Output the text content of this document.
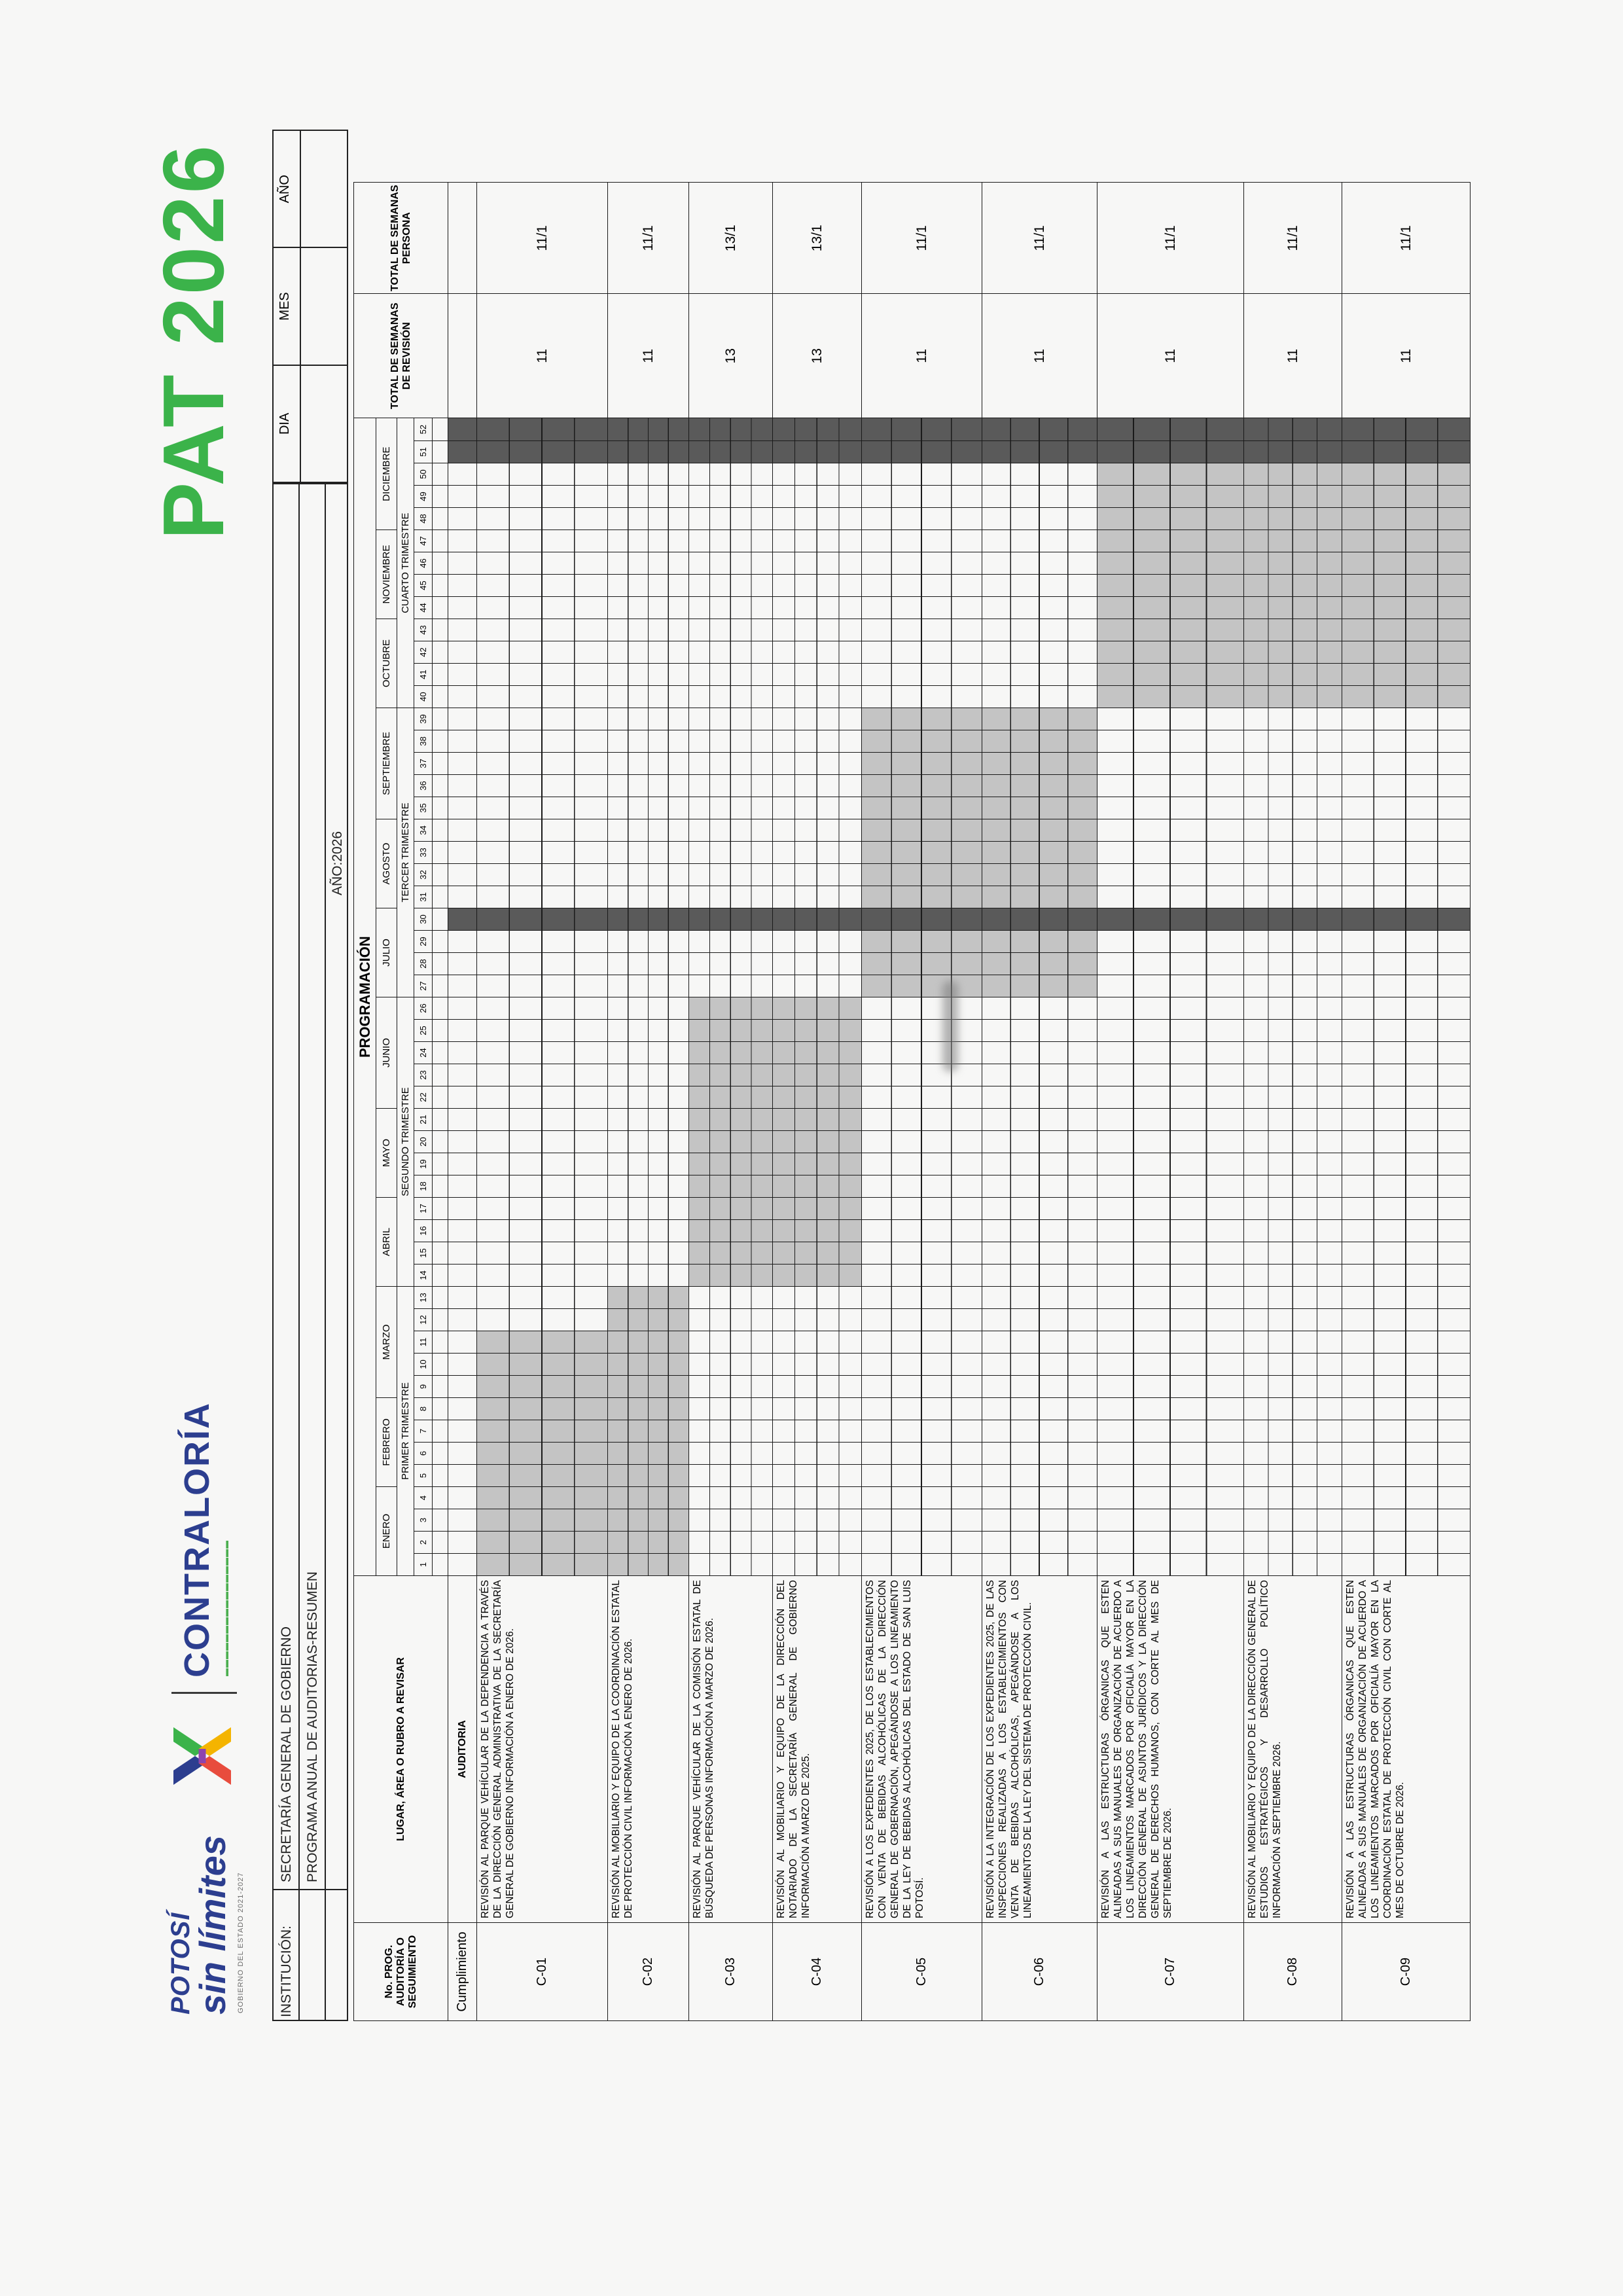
POTOSÍ
sin límites GOBIERNO DEL ESTADO 2021-2027
CONTRALORÍA ▬▬▬▬▬▬▬▬▬▬▬▬▬▬▬▬
PAT 2026
INSTITUCIÓN:
SECRETARÍA GENERAL DE GOBIERNO PROGRAMA ANUAL DE AUDITORIAS-RESUMEN
AÑO:2026
DIA
MES
AÑO
No. PROG. AUDITORÍA O SEGUIMIENTO	LUGAR, ÁREA O RUBRO A REVISAR	PROGRAMACIÓN																																																				TOTAL DE SEMANAS DE REVISIÓN	TOTAL DE SEMANAS PERSONA
		ENERO				FEBRERO				MARZO					ABRIL				MAYO				JUNIO					JULIO				AGOSTO				SEPTIEMBRE					OCTUBRE				NOVIEMBRE				DICIEMBRE						
		PRIMER TRIMESTRE													SEGUNDO TRIMESTRE													TERCER TRIMESTRE													CUARTO TRIMESTRE														
		1	2	3	4	5	6	7	8	9	10	11	12	13	14	15	16	17	18	19	20	21	22	23	24	25	26	27	28	29	30	31	32	33	34	35	36	37	38	39	40	41	42	43	44	45	46	47	48	49	50	51	52		

Cumplimiento	AUDITORIA																																																						
C-01	REVISIÓN AL PARQUE VEHÍCULAR DE LA DEPENDENCIA A TRAVÉS DE LA DIRECCIÓN GENERAL ADMINISTRATIVA DE LA SECRETARÍA GENERAL DE GOBIERNO INFORMACIÓN A ENERO DE 2026.																																																					11	11/1
C-02	REVISIÓN AL MOBILIARIO Y EQUIPO DE LA COORDINACIÓN ESTATAL DE PROTECCIÓN CIVIL INFORMACIÓN A ENERO DE 2026.																																																					11	11/1
C-03	REVISIÓN AL PARQUE VEHÍCULAR DE LA COMISIÓN ESTATAL DE BÚSQUEDA DE PERSONAS INFORMACIÓN A MARZO DE 2026.																																																					13	13/1
C-04	REVISIÓN AL MOBILIARIO Y EQUIPO DE LA DIRECCIÓN DEL NOTARIADO DE LA SECRETARÍA GENERAL DE GOBIERNO INFORMACIÓN A MARZO DE 2025.																																																					13	13/1
C-05	REVISIÓN A LOS EXPEDIENTES 2025, DE LOS ESTABLECIMIENTOS CON VENTA DE BEBIDAS ALCOHÓLICAS DE LA DIRECCIÓN GENERAL DE GOBERNACIÓN, APEGÁNDOSE A LOS LINEAMIENTO DE LA LEY DE BEBIDAS ALCOHÓLICAS DEL ESTADO DE SAN LUIS POTOSÍ.																																																					11	11/1
C-06	REVISIÓN A LA INTEGRACIÓN DE LOS EXPEDIENTES 2025, DE LAS INSPECCIONES REALIZADAS A LOS ESTABLECIMIENTOS CON VENTA DE BEBIDAS ALCOHÓLICAS, APEGÁNDOSE A LOS LINEAMIENTOS DE LA LEY DEL SISTEMA DE PROTECCIÓN CIVIL.																																																					11	11/1
C-07	REVISIÓN A LAS ESTRUCTURAS ÓRGANICAS QUE ESTEN ALINEADAS A SUS MANUALES DE ORGANIZACIÓN DE ACUERDO A LOS LINEAMIENTOS MARCADOS POR OFICIALÍA MAYOR EN LA DIRECCIÓN GENERAL DE ASUNTOS JURÍDICOS Y LA DIRECCIÓN GENERAL DE DERECHOS HUMANOS, CON CORTE AL MES DE SEPTIEMBRE DE 2026.																																																					11	11/1
C-08	REVISIÓN AL MOBILIARIO Y EQUIPO DE LA DIRECCIÓN GENERAL DE ESTUDIOS ESTRATÉGICOS Y DESARROLLO POLÍTICO INFORMACIÓN A SEPTIEMBRE 2026.																																																					11	11/1
C-09	REVISIÓN A LAS ESTRUCTURAS ÓRGANICAS QUE ESTEN ALINEADAS A SUS MANUALES DE ORGANIZACIÓN DE ACUERDO A LOS LINEAMIENTOS MARCADOS POR OFICIALÍA MAYOR EN LA COORDINACIÓN ESTATAL DE PROTECCIÓN CIVIL CON CORTE AL MES DE OCTUBRE DE 2026.																																																					11	11/1
